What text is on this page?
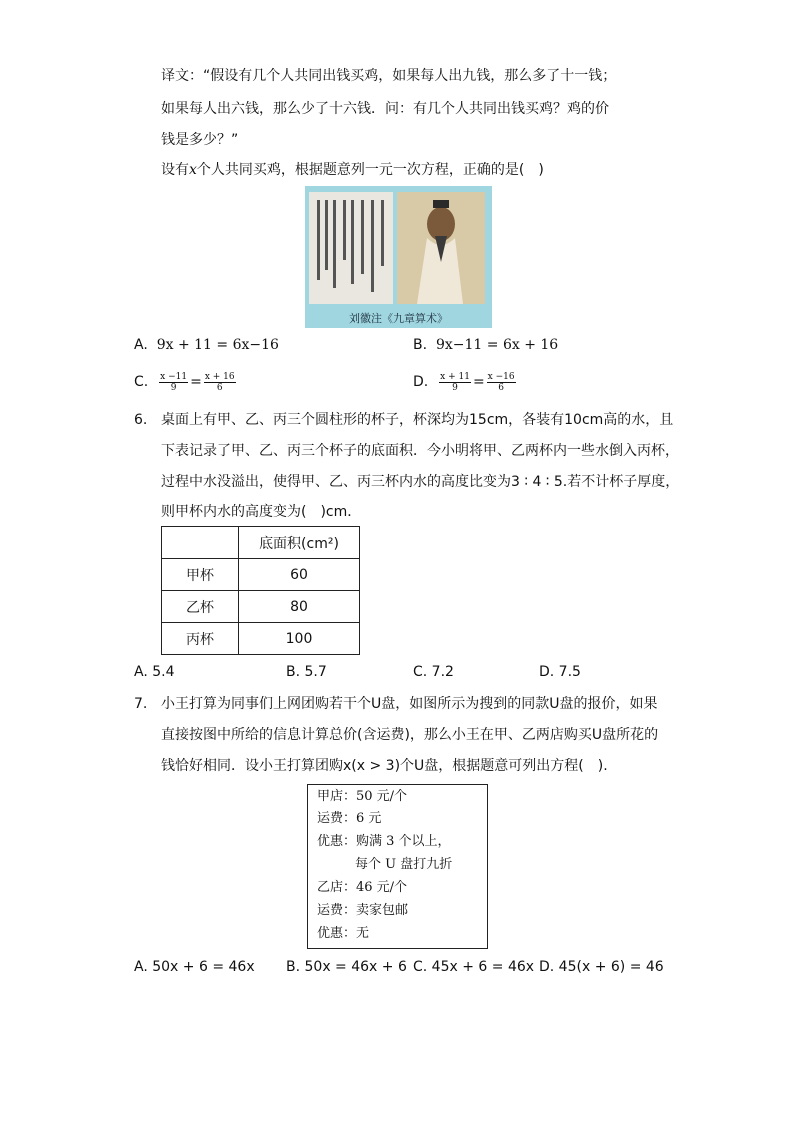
译文：“假设有几个人共同出钱买鸡，如果每人出九钱，那么多了十一钱；
如果每人出六钱，那么少了十六钱．问：有几个人共同出钱买鸡？鸡的价
钱是多少？”
设有x个人共同买鸡，根据题意列一元一次方程，正确的是(　)
刘徽注《九章算术》
A. 9x + 11 = 6x−16	B. 9x−11 = 6x + 16
C. $\frac{x -11}{9} = \frac{x + 16}{6}$	D. $\frac{x + 11}{9} = \frac{x -16}{6}$
6. 桌面上有甲、乙、丙三个圆柱形的杯子，杯深均为15cm，各装有10cm高的水，且
下表记录了甲、乙、丙三个杯子的底面积．今小明将甲、乙两杯内一些水倒入丙杯，
过程中水没溢出，使得甲、乙、丙三杯内水的高度比变为3 ∶ 4 ∶ 5.若不计杯子厚度，
则甲杯内水的高度变为(　)cm．
	底面积(cm²)
甲杯	60
乙杯	80
丙杯	100
A. 5.4	B. 5.7	C. 7.2	D. 7.5
7. 小王打算为同事们上网团购若干个U盘，如图所示为搜到的同款U盘的报价，如果
直接按图中所给的信息计算总价(含运费)，那么小王在甲、乙两店购买U盘所花的
钱恰好相同．设小王打算团购x(x > 3)个U盘，根据题意可列出方程(　).
甲店：50 元/个
运费：6 元
优惠：购满 3 个以上，
每个 U 盘打九折
乙店：46 元/个
运费：卖家包邮
优惠：无
A. 50x + 6 = 46x B. 50x = 46x + 6 C. 45x + 6 = 46x D. 45(x + 6) = 46
